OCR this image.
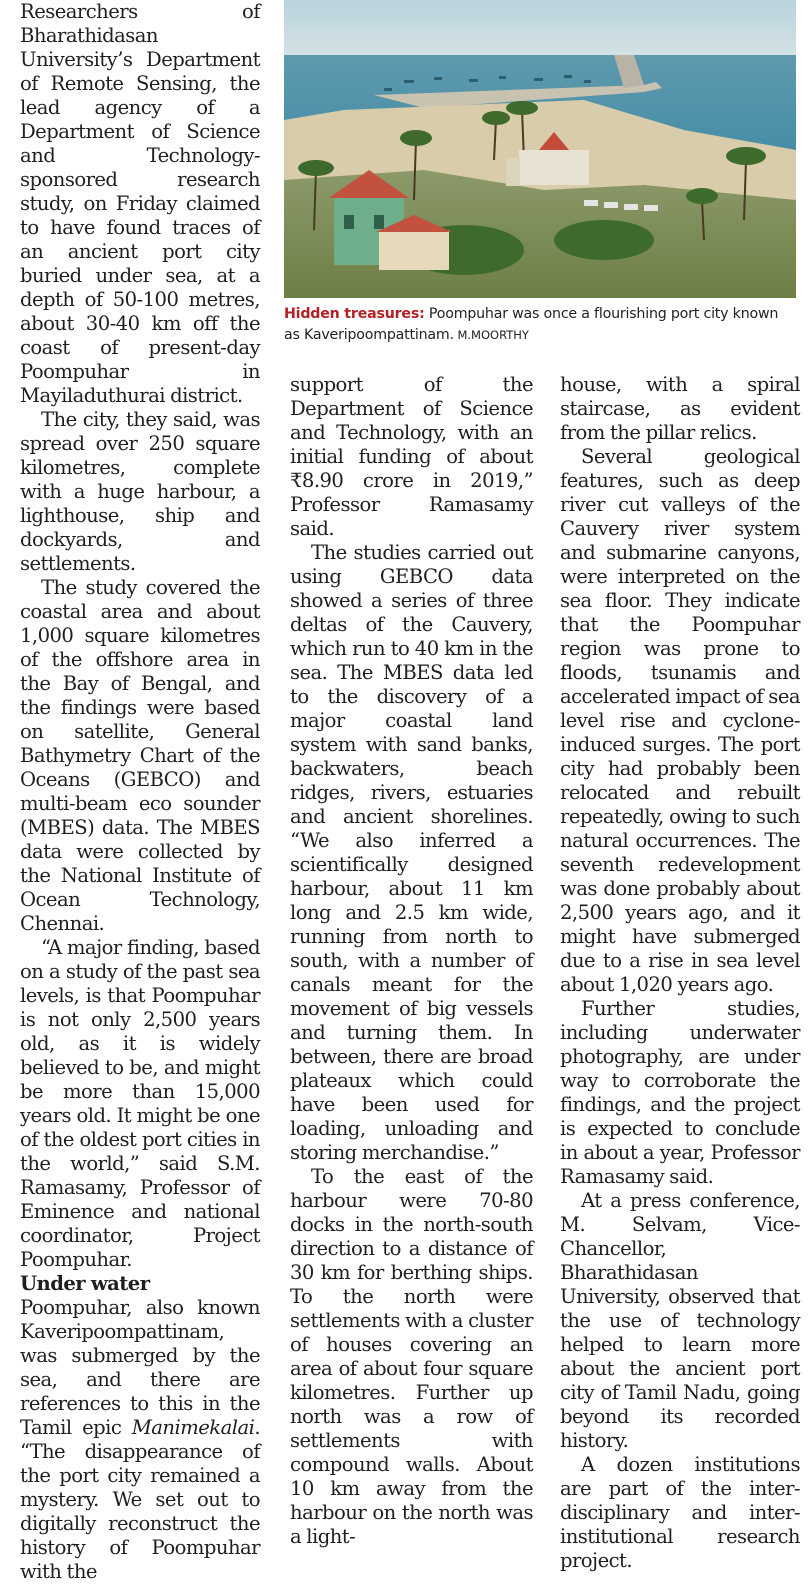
Researchers of Bharathidasan University’s Department of Remote Sensing, the lead agency of a Department of Science and Technology-sponsored research study, on Friday claimed to have found traces of an ancient port city buried under sea, at a depth of 50-100 metres, about 30-40 km off the coast of present-day Poompuhar in Mayiladuthurai district.

The city, they said, was spread over 250 square kilometres, complete with a huge harbour, a lighthouse, ship and dockyards, and settlements.

The study covered the coastal area and about 1,000 square kilometres of the offshore area in the Bay of Bengal, and the findings were based on satellite, General Bathymetry Chart of the Oceans (GEBCO) and multi-beam eco sounder (MBES) data. The MBES data were collected by the National Institute of Ocean Technology, Chennai.

“A major finding, based on a study of the past sea levels, is that Poompuhar is not only 2,500 years old, as it is widely believed to be, and might be more than 15,000 years old. It might be one of the oldest port cities in the world,” said S.M. Ramasamy, Professor of Eminence and national coordinator, Project Poompuhar.

Under water

Poompuhar, also known Kaveripoompattinam, was submerged by the sea, and there are references to this in the Tamil epic Manimekalai. “The disappearance of the port city remained a mystery. We set out to digitally reconstruct the history of Poompuhar with the

Hidden treasures: Poompuhar was once a flourishing port city known as Kaveripoompattinam. M.MOORTHY

support of the Department of Science and Technology, with an initial funding of about ₹8.90 crore in 2019,” Professor Ramasamy said.

The studies carried out using GEBCO data showed a series of three deltas of the Cauvery, which run to 40 km in the sea. The MBES data led to the discovery of a major coastal land system with sand banks, backwaters, beach ridges, rivers, estuaries and ancient shorelines. “We also inferred a scientifically designed harbour, about 11 km long and 2.5 km wide, running from north to south, with a number of canals meant for the movement of big vessels and turning them. In between, there are broad plateaux which could have been used for loading, unloading and storing merchandise.”

To the east of the harbour were 70-80 docks in the north-south direction to a distance of 30 km for berthing ships. To the north were settlements with a cluster of houses covering an area of about four square kilometres. Further up north was a row of settlements with compound walls. About 10 km away from the harbour on the north was a light-

house, with a spiral staircase, as evident from the pillar relics.

Several geological features, such as deep river cut valleys of the Cauvery river system and submarine canyons, were interpreted on the sea floor. They indicate that the Poompuhar region was prone to floods, tsunamis and accelerated impact of sea level rise and cyclone-induced surges. The port city had probably been relocated and rebuilt repeatedly, owing to such natural occurrences. The seventh redevelopment was done probably about 2,500 years ago, and it might have submerged due to a rise in sea level about 1,020 years ago.

Further studies, including underwater photography, are under way to corroborate the findings, and the project is expected to conclude in about a year, Professor Ramasamy said.

At a press conference, M. Selvam, Vice-Chancellor, Bharathidasan University, observed that the use of technology helped to learn more about the ancient port city of Tamil Nadu, going beyond its recorded history.

A dozen institutions are part of the inter-disciplinary and inter-institutional research project.
